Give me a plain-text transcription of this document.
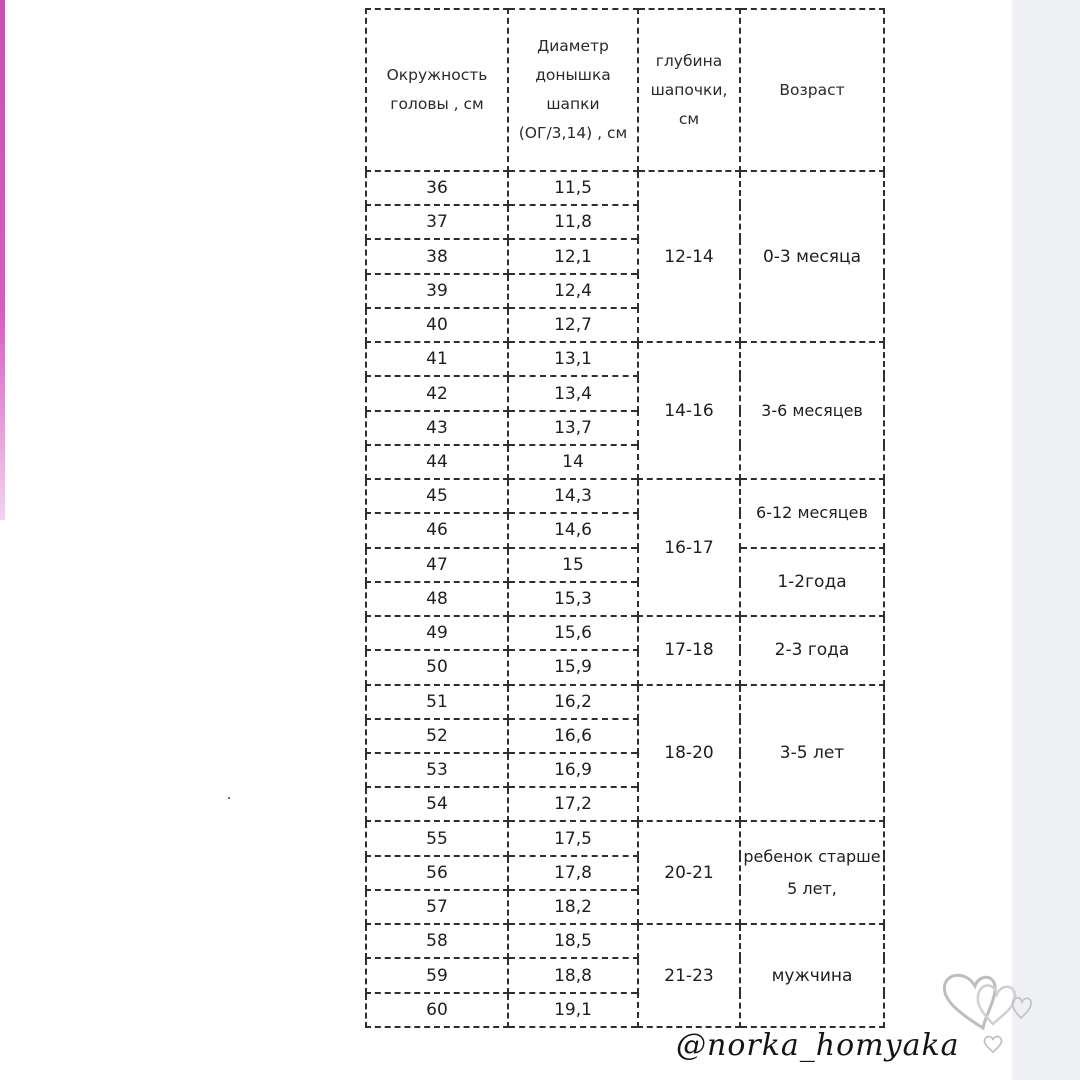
Окружность головы , см	Диаметр донышка шапки (ОГ/3,14) , см	глубина шапочки, см	Возраст
36	11,5	12-14	0-3 месяца
37	11,8		
38	12,1		
39	12,4		
40	12,7		
41	13,1	14-16	3-6 месяцев
42	13,4		
43	13,7		
44	14		
45	14,3	16-17	6-12 месяцев
46	14,6		
47	15		1-2года
48	15,3		
49	15,6	17-18	2-3 года
50	15,9		
51	16,2	18-20	3-5 лет
52	16,6		
53	16,9		
54	17,2		
55	17,5	20-21	ребенок старше 5 лет,
56	17,8		
57	18,2		
58	18,5	21-23	мужчина
59	18,8		
60	19,1		
@norka_homyaka
